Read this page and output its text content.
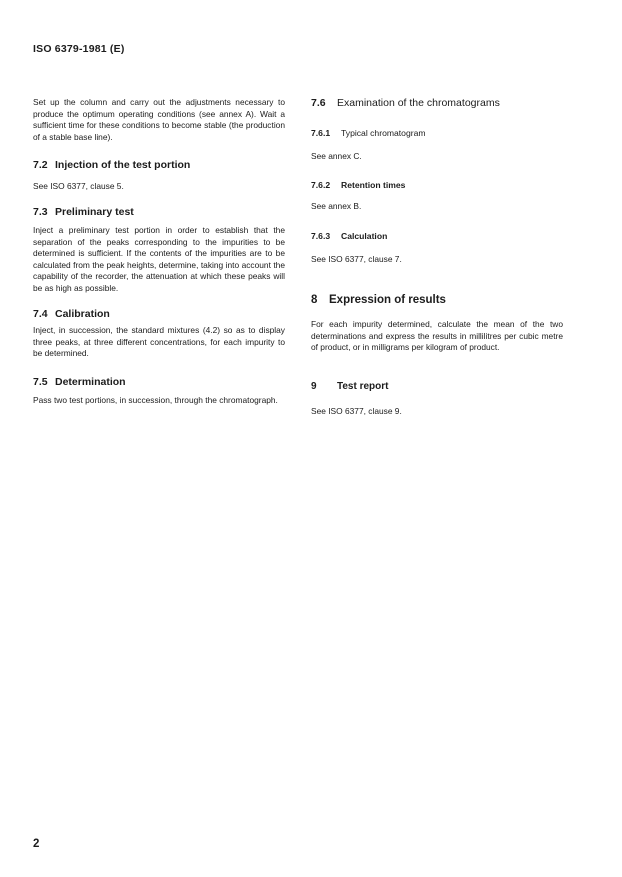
ISO 6379-1981 (E)

Set up the column and carry out the adjustments necessary to produce the optimum operating conditions (see annex A). Wait a sufficient time for these conditions to become stable (the production of a stable base line).

7.2 Injection of the test portion

See ISO 6377, clause 5.

7.3 Preliminary test

Inject a preliminary test portion in order to establish that the separation of the peaks corresponding to the impurities to be determined is sufficient. If the contents of the impurities are to be calculated from the peak heights, determine, taking into account the capability of the recorder, the attenuation at which these peaks will be as high as possible.

7.4 Calibration

Inject, in succession, the standard mixtures (4.2) so as to display three peaks, at three different concentrations, for each impurity to be determined.

7.5 Determination

Pass two test portions, in succession, through the chromatograph.

7.6 Examination of the chromatograms
7.6.1 Typical chromatogram

See annex C.

7.6.2 Retention times

See annex B.

7.6.3 Calculation

See ISO 6377, clause 7.

8 Expression of results

For each impurity determined, calculate the mean of the two determinations and express the results in millilitres per cubic metre of product, or in milligrams per kilogram of product.

9 Test report

See ISO 6377, clause 9.

2
